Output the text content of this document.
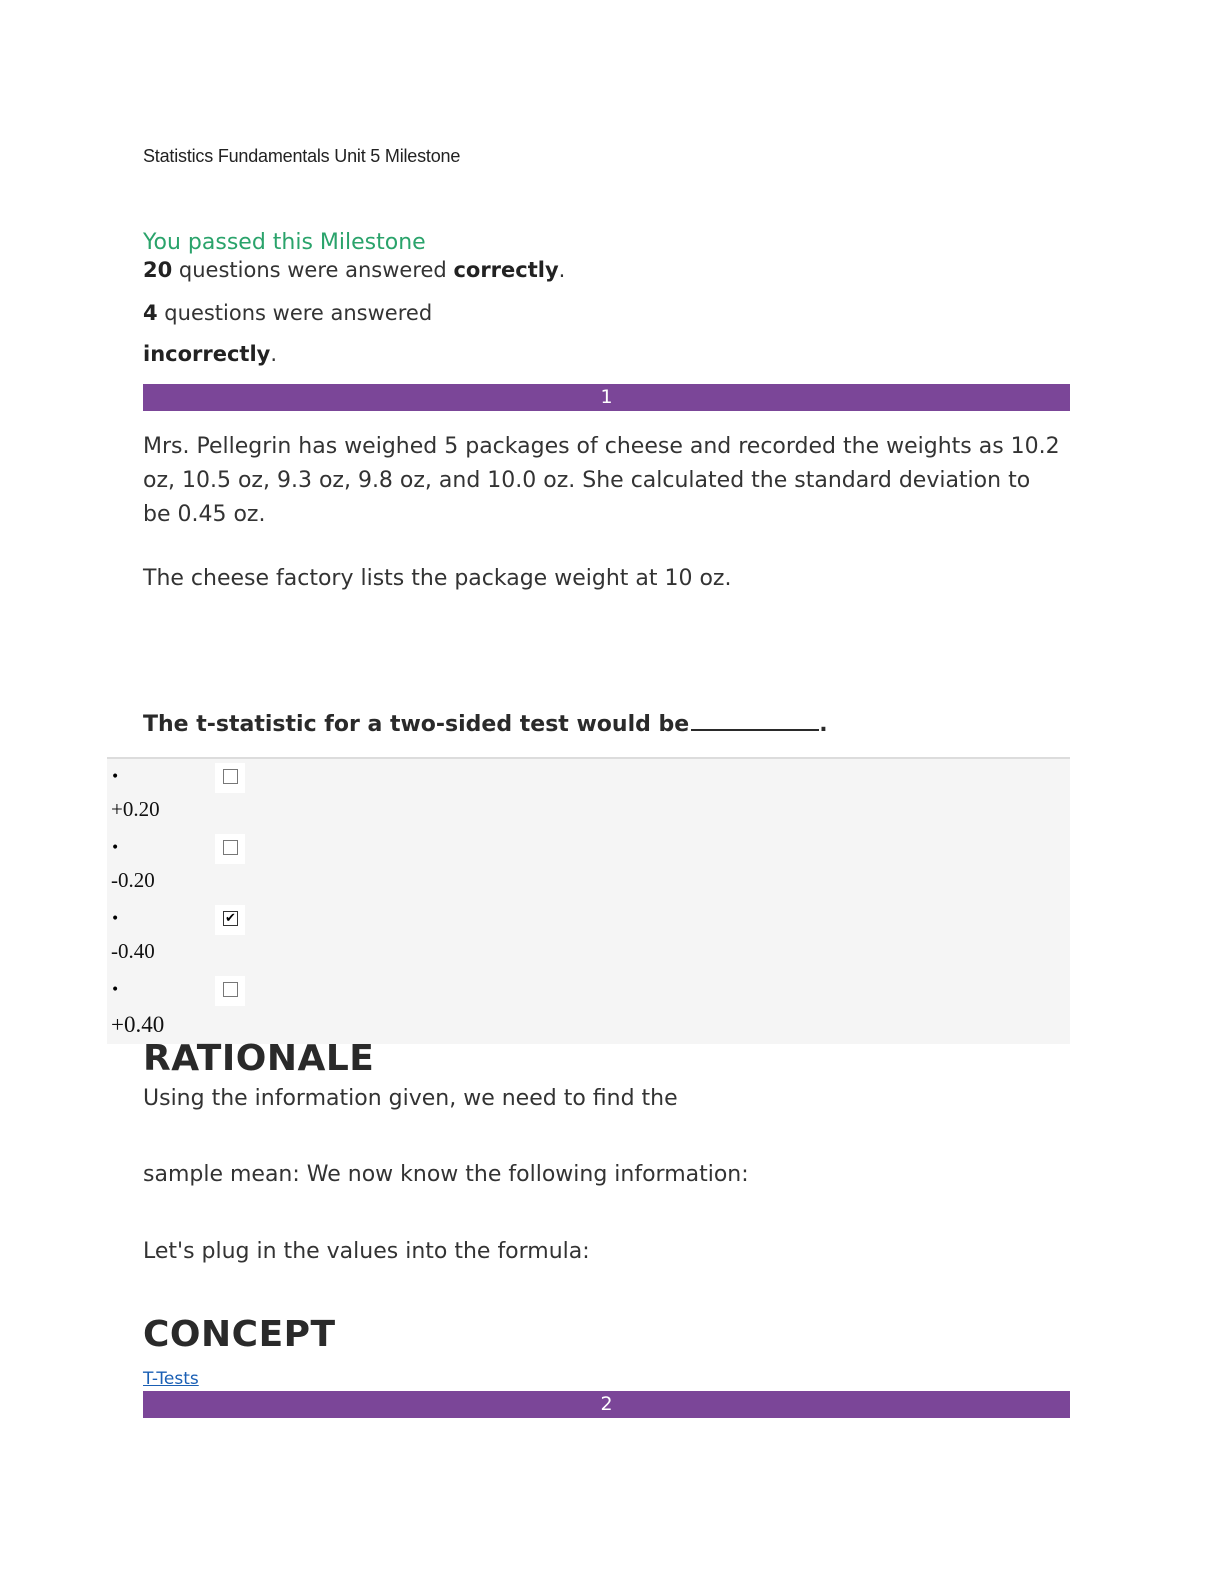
Statistics Fundamentals Unit 5 Milestone
You passed this Milestone
20 questions were answered correctly.
4 questions were answered
incorrectly.
1
Mrs. Pellegrin has weighed 5 packages of cheese and recorded the weights as 10.2 oz, 10.5 oz, 9.3 oz, 9.8 oz, and 10.0 oz. She calculated the standard deviation to be 0.45 oz.
The cheese factory lists the package weight at 10 oz.
The t-statistic for a two-sided test would be	.
•
+0.20
•
-0.20
•	✔
-0.40
•
+0.40
RATIONALE
Using the information given, we need to find the
sample mean: We now know the following information:
Let's plug in the values into the formula:
CONCEPT
T-Tests
2
